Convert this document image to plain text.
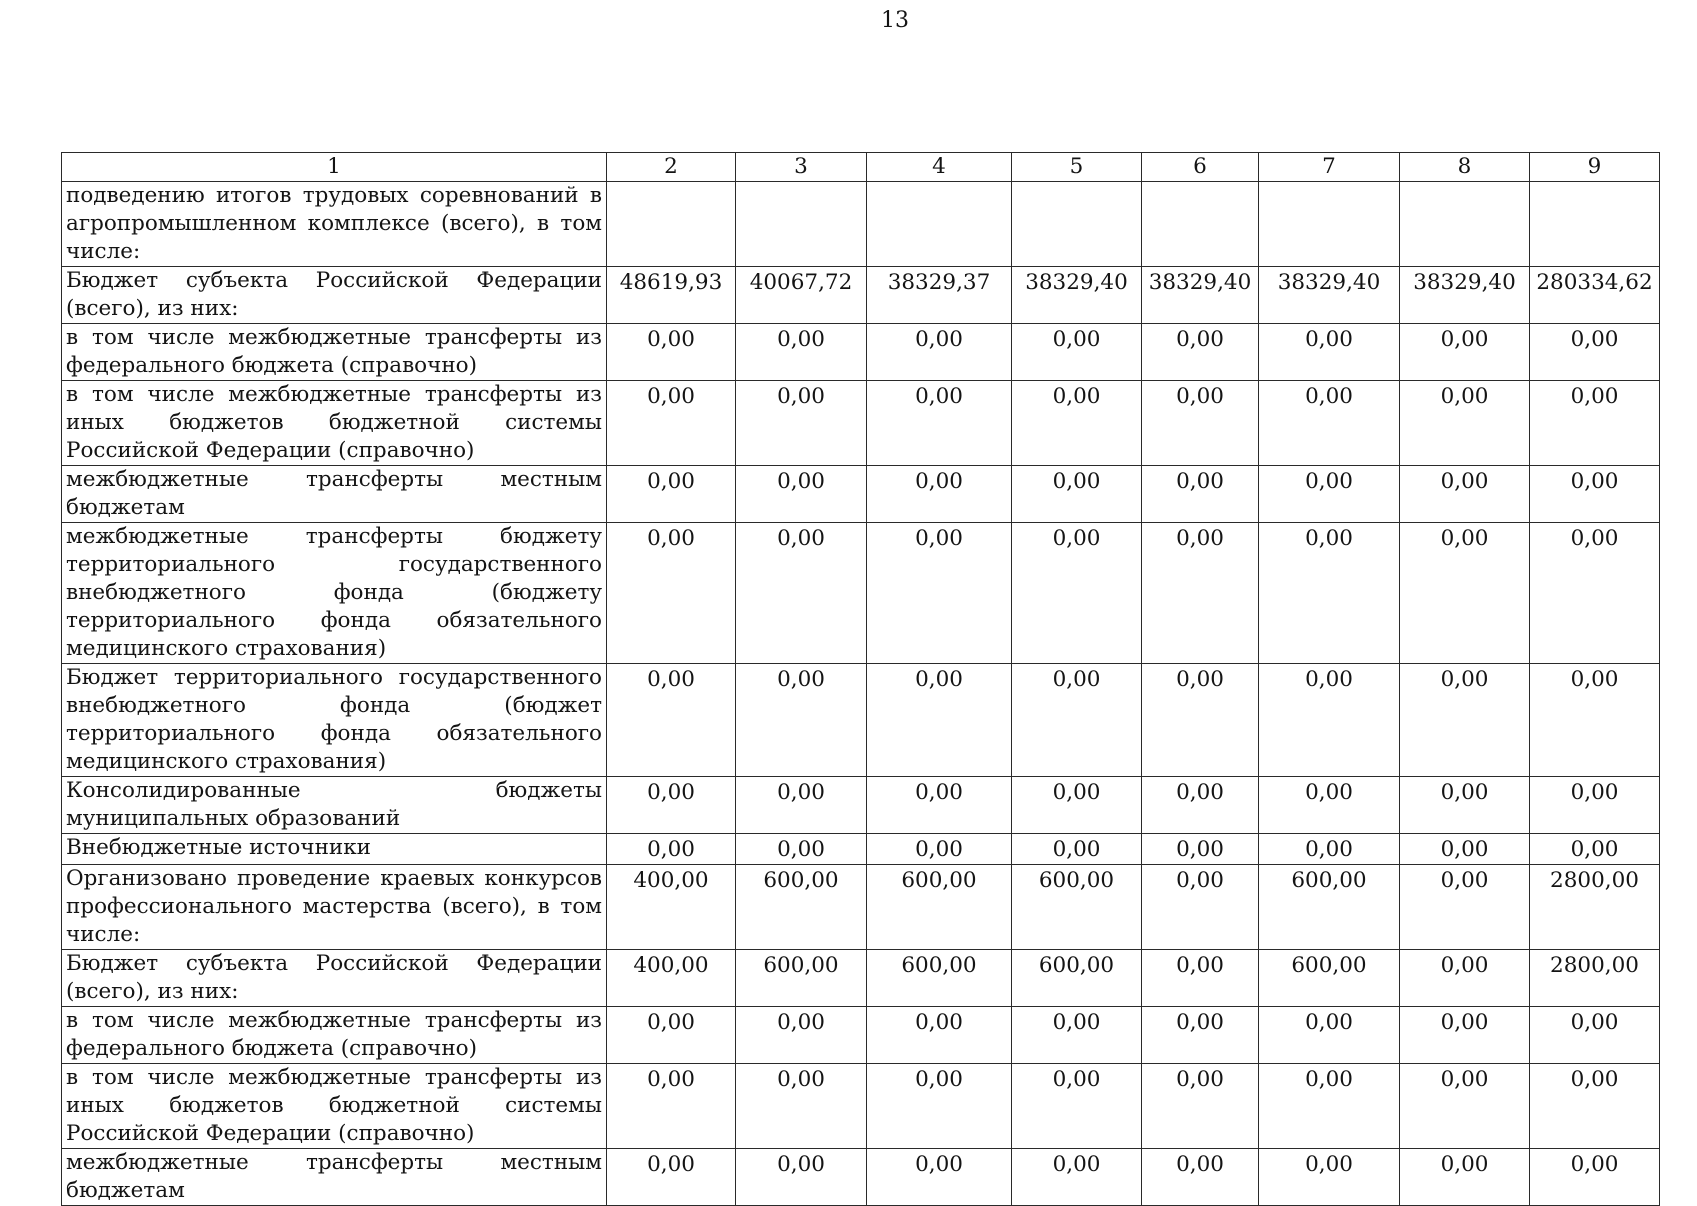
13
1	2	3	4	5	6	7	8	9
подведению итогов трудовых соревнований в агропромышленном комплексе (всего), в том числе:								
Бюджет субъекта Российской Федерации (всего), из них:	48619,93	40067,72	38329,37	38329,40	38329,40	38329,40	38329,40	280334,62
в том числе межбюджетные трансферты из федерального бюджета (справочно)	0,00	0,00	0,00	0,00	0,00	0,00	0,00	0,00
в том числе межбюджетные трансферты из иных бюджетов бюджетной системы Российской Федерации (справочно)	0,00	0,00	0,00	0,00	0,00	0,00	0,00	0,00
межбюджетные трансферты местным бюджетам	0,00	0,00	0,00	0,00	0,00	0,00	0,00	0,00
межбюджетные трансферты бюджету территориального государственного внебюджетного фонда (бюджету территориального фонда обязательного медицинского страхования)	0,00	0,00	0,00	0,00	0,00	0,00	0,00	0,00
Бюджет территориального государственного внебюджетного фонда (бюджет территориального фонда обязательного медицинского страхования)	0,00	0,00	0,00	0,00	0,00	0,00	0,00	0,00
Консолидированные бюджеты муниципальных образований	0,00	0,00	0,00	0,00	0,00	0,00	0,00	0,00
Внебюджетные источники	0,00	0,00	0,00	0,00	0,00	0,00	0,00	0,00
Организовано проведение краевых конкурсов профессионального мастерства (всего), в том числе:	400,00	600,00	600,00	600,00	0,00	600,00	0,00	2800,00
Бюджет субъекта Российской Федерации (всего), из них:	400,00	600,00	600,00	600,00	0,00	600,00	0,00	2800,00
в том числе межбюджетные трансферты из федерального бюджета (справочно)	0,00	0,00	0,00	0,00	0,00	0,00	0,00	0,00
в том числе межбюджетные трансферты из иных бюджетов бюджетной системы Российской Федерации (справочно)	0,00	0,00	0,00	0,00	0,00	0,00	0,00	0,00
межбюджетные трансферты местным бюджетам	0,00	0,00	0,00	0,00	0,00	0,00	0,00	0,00
